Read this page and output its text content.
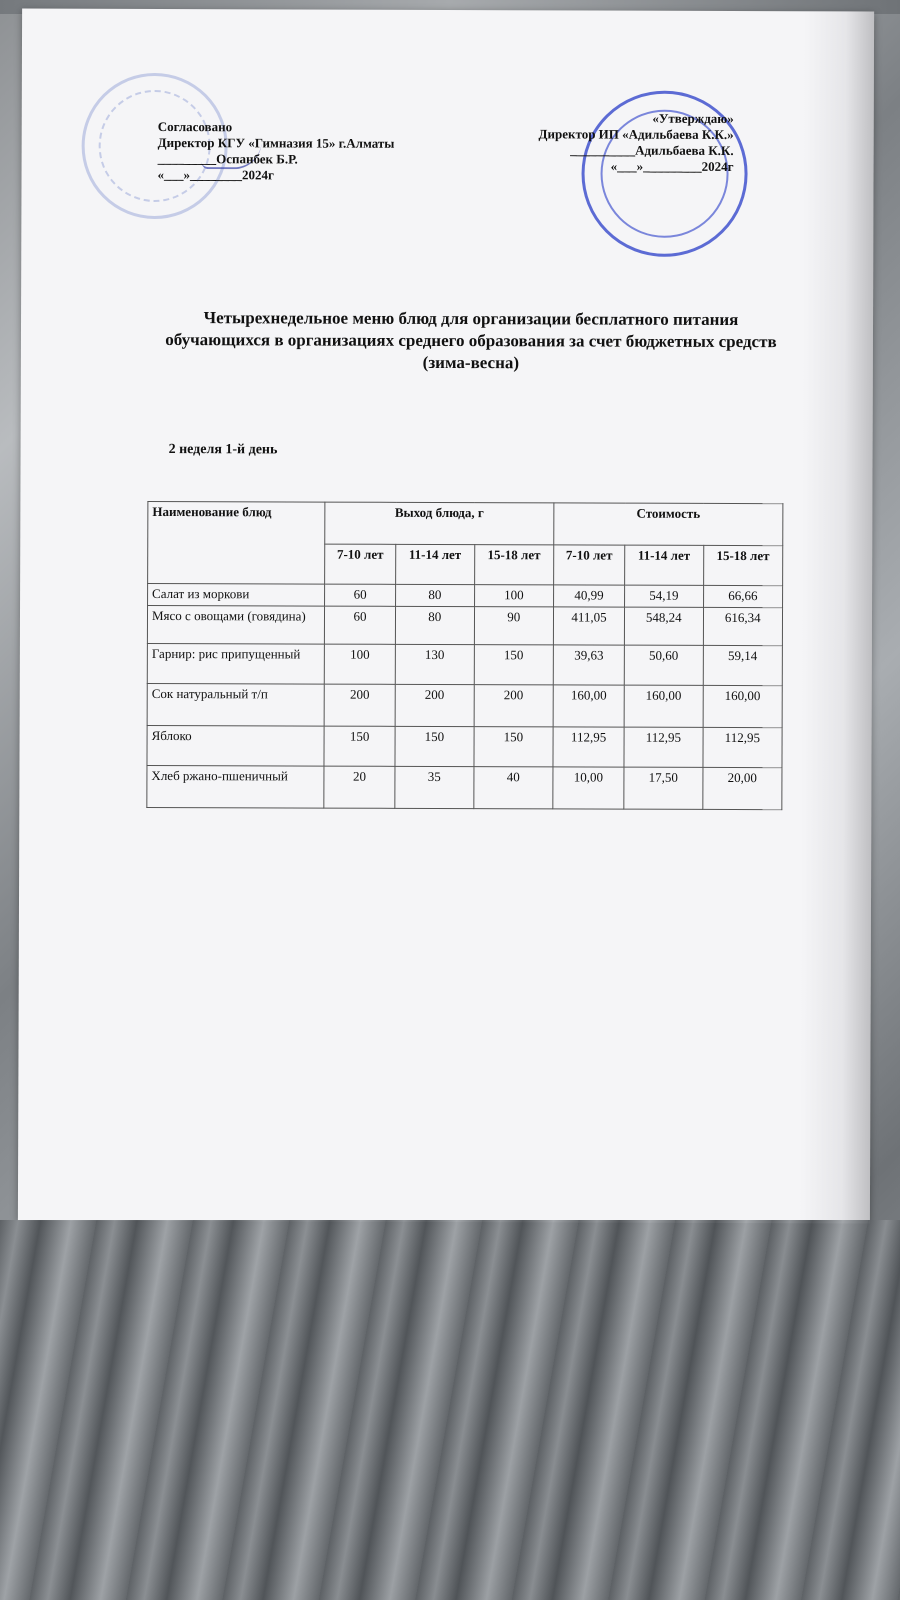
Согласовано
Директор КГУ «Гимназия 15» г.Алматы
_________Оспанбек Б.Р.
«___»________2024г
«Утверждаю»
Директор ИП «Адильбаева К.К.»
__________Адильбаева К.К.
«___»_________2024г
Четырехнедельное меню блюд для организации бесплатного питания обучающихся в организациях среднего образования за счет бюджетных средств (зима-весна)
2 неделя 1-й день
Наименование блюд	Выход блюда, г			Стоимость		
	7-10 лет	11-14 лет	15-18 лет	7-10 лет	11-14 лет	15-18 лет
Салат из моркови	60	80	100	40,99	54,19	66,66
Мясо с овощами (говядина)	60	80	90	411,05	548,24	616,34
Гарнир: рис припущенный	100	130	150	39,63	50,60	59,14
Сок натуральный т/п	200	200	200	160,00	160,00	160,00
Яблоко	150	150	150	112,95	112,95	112,95
Хлеб ржано-пшеничный	20	35	40	10,00	17,50	20,00
